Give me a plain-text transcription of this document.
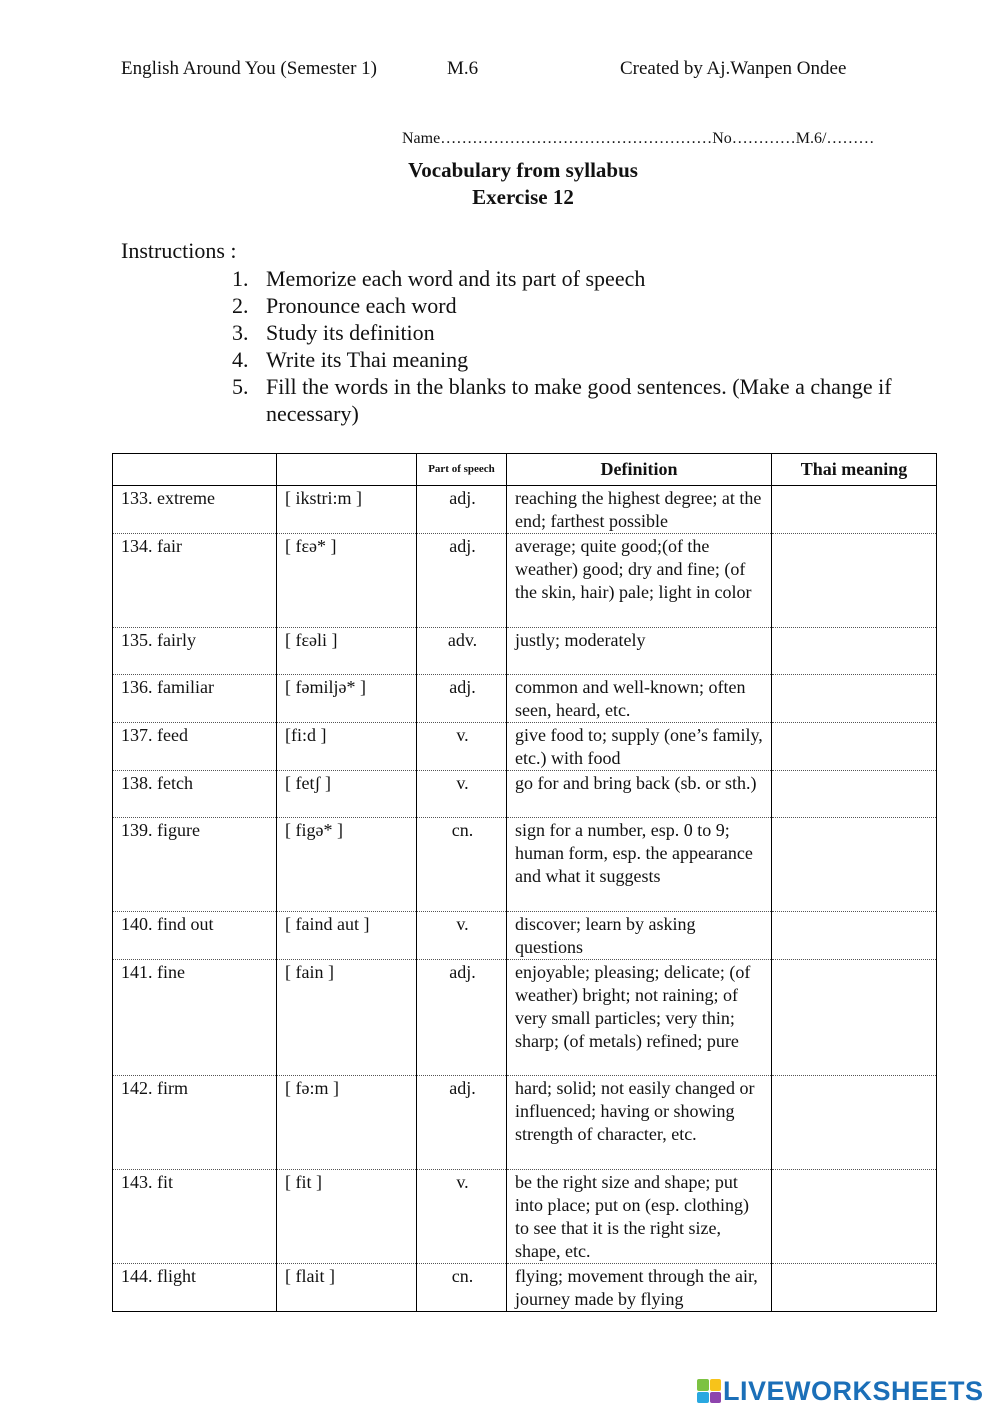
English Around You (Semester 1)	M.6	Created by Aj.Wanpen Ondee
Name……………………………………………No…………M.6/………
Vocabulary from syllabus
Exercise 12
Instructions :
1. Memorize each word and its part of speech
2. Pronounce each word
3. Study its definition
4. Write its Thai meaning
5. Fill the words in the blanks to make good sentences. (Make a change if necessary)
		Part of speech	Definition	Thai meaning
133. extreme	[ ikstri:m ]	adj.	reaching the highest degree; at the end; farthest possible	
134. fair	[ fɛə* ]	adj.	average; quite good;(of the weather) good; dry and fine; (of the skin, hair) pale; light in color	
135. fairly	[ fɛəli ]	adv.	justly; moderately	
136. familiar	[ fəmiljə* ]	adj.	common and well-known; often seen, heard, etc.	
137. feed	[fi:d ]	v.	give food to; supply (one’s family, etc.) with food	
138. fetch	[ fetʃ ]	v.	go for and bring back (sb. or sth.)	
139. figure	[ figə* ]	cn.	sign for a number, esp. 0 to 9; human form, esp. the appearance and what it suggests	
140. find out	[ faind aut ]	v.	discover; learn by asking questions	
141. fine	[ fain ]	adj.	enjoyable; pleasing; delicate; (of weather) bright; not raining; of very small particles; very thin; sharp; (of metals) refined; pure	
142. firm	[ fə:m ]	adj.	hard; solid; not easily changed or influenced; having or showing strength of character, etc.	
143. fit	[ fit ]	v.	be the right size and shape; put into place; put on (esp. clothing) to see that it is the right size, shape, etc.	
144. flight	[ flait ]	cn.	flying; movement through the air, journey made by flying	
LIVEWORKSHEETS
